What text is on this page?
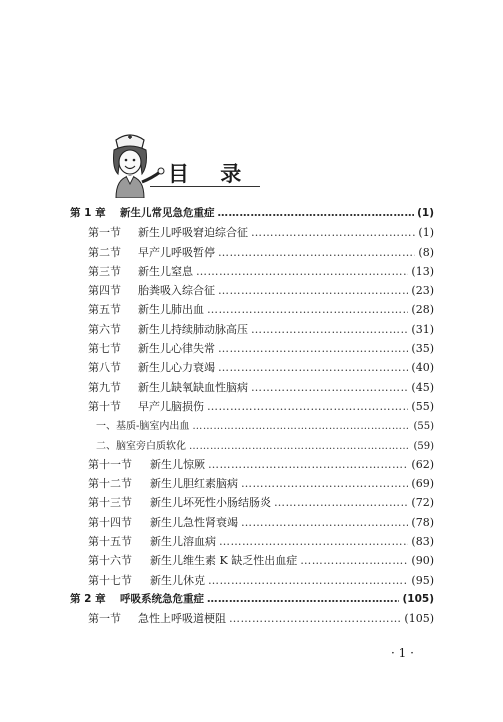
目 录
第 1 章	新生儿常见急危重症 …………………………………………………………………………………………………………………………………………	(1)
第一节	新生儿呼吸窘迫综合征 …………………………………………………………………………………………………………………………………………	(1)
第二节	早产儿呼吸暂停 …………………………………………………………………………………………………………………………………………	(8)
第三节	新生儿窒息 …………………………………………………………………………………………………………………………………………	(13)
第四节	胎粪吸入综合征 …………………………………………………………………………………………………………………………………………	(23)
第五节	新生儿肺出血 …………………………………………………………………………………………………………………………………………	(28)
第六节	新生儿持续肺动脉高压 …………………………………………………………………………………………………………………………………………	(31)
第七节	新生儿心律失常 …………………………………………………………………………………………………………………………………………	(35)
第八节	新生儿心力衰竭 …………………………………………………………………………………………………………………………………………	(40)
第九节	新生儿缺氧缺血性脑病 …………………………………………………………………………………………………………………………………………	(45)
第十节	早产儿脑损伤 …………………………………………………………………………………………………………………………………………	(55)
一、基质-脑室内出血 …………………………………………………………………………………………………………………………………………	(55)
二、脑室旁白质软化 …………………………………………………………………………………………………………………………………………	(59)
第十一节	新生儿惊厥 …………………………………………………………………………………………………………………………………………	(62)
第十二节	新生儿胆红素脑病 …………………………………………………………………………………………………………………………………………	(69)
第十三节	新生儿坏死性小肠结肠炎 …………………………………………………………………………………………………………………………………………	(72)
第十四节	新生儿急性肾衰竭 …………………………………………………………………………………………………………………………………………	(78)
第十五节	新生儿溶血病 …………………………………………………………………………………………………………………………………………	(83)
第十六节	新生儿维生素 K 缺乏性出血症 …………………………………………………………………………………………………………………………………………	(90)
第十七节	新生儿休克 …………………………………………………………………………………………………………………………………………	(95)
第 2 章	呼吸系统急危重症 …………………………………………………………………………………………………………………………………………	(105)
第一节	急性上呼吸道梗阻 …………………………………………………………………………………………………………………………………………	(105)
· 1 ·
